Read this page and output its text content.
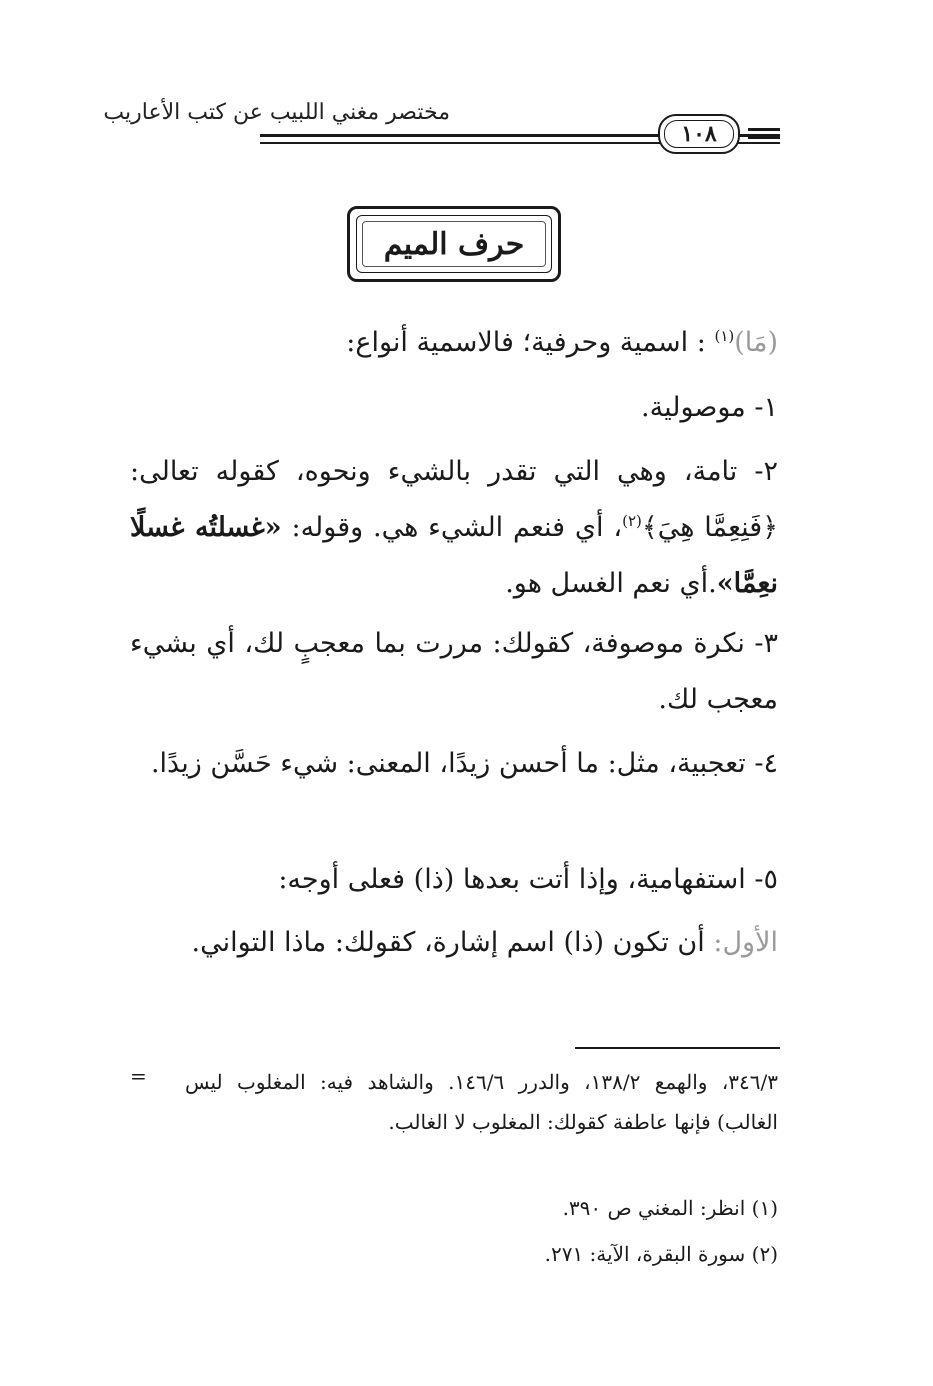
مختصر مغني اللبيب عن كتب الأعاريب
١٠٨
حرف الميم

(مَا)$^{(١)}$ : اسمية وحرفية؛ فالاسمية أنواع:

١- موصولية.

٢- تامة، وهي التي تقدر بالشيء ونحوه، كقوله تعالى: ﴿فَنِعِمَّا هِيَ﴾$^{(٢)}$، أي فنعم الشيء هي. وقوله: «غسلتُه غسلًا نعِمَّا».أي نعم الغسل هو.

٣- نكرة موصوفة، كقولك: مررت بما معجبٍ لك، أي بشيء معجب لك.

٤- تعجبية، مثل: ما أحسن زيدًا، المعنى: شيء حَسَّن زيدًا.

٥- استفهامية، وإذا أتت بعدها (ذا) فعلى أوجه:

الأول: أن تكون (ذا) اسم إشارة، كقولك: ماذا التواني.

= ٣٤٦/٣، والهمع ١٣٨/٢، والدرر ١٤٦/٦. والشاهد فيه: المغلوب ليس الغالب) فإنها عاطفة كقولك: المغلوب لا الغالب.

(١) انظر: المغني ص ٣٩٠.

(٢) سورة البقرة، الآية: ٢٧١.
